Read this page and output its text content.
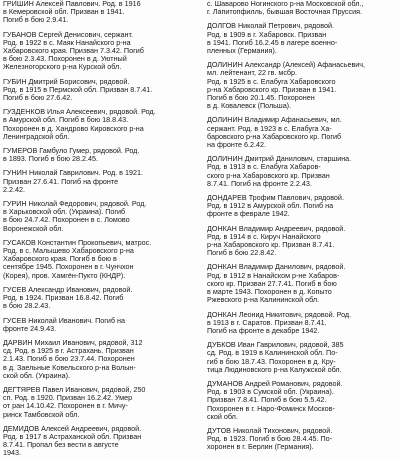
ГРИШИН Алексей Павлович. Род. в 1916
в Кемеровской обл. Призван в 1941.
Погиб в бою 2.9.41.
ГУБАНОВ Сергей Денисович, сержант.
Род. в 1922 в с. Маяк Нанайского р-на
Хабаровского края. Призван 7.3.42. Погиб
в бою 2.3.43. Похоронен в д. Уютный
Железногорского р-на Курской обл.
ГУБИН Дмитрий Борисович, рядовой.
Род. в 1915 в Пермской обл. Призван 8.7.41.
Погиб в бою 27.6.42.
ГУЗДЕНКОВ Илья Алексеевич, рядовой. Род.
в Амурской обл. Погиб в бою 18.8.43.
Похоронен в д. Хандрово Кировского р-на
Ленинградской обл.
ГУМЕРОВ Гамбуло Гумер, рядовой. Род.
в 1893. Погиб в бою 28.2.45.
ГУНИН Николай Гаврилович. Род. в 1921.
Призван 27.6.41. Погиб на фронте
2.2.42.
ГУРИН Николай Федорович, рядовой. Род.
в Харьковской обл. (Украина). Погиб
в бою 24.7.42. Похоронен в с. Ломово
Воронежской обл.
ГУСАКОВ Константин Прокопьевич, матрос.
Род. в с. Малышево Хабаровского р-на
Хабаровского края. Погиб в бою в
сентябре 1945. Похоронен в г. Чунчхон
(Корея), пров. Хамгён-Пукто (КНДР).
ГУСЕВ Александр Иванович, рядовой.
Род. в 1924. Призван 16.8.42. Погиб
в бою 28.2.43.
ГУСЕВ Николай Иванович. Погиб на
фронте 24.9.43.
ДАРВИН Михаил Иванович, рядовой, 312
сд. Род. в 1925 в г. Астрахань. Призван
2.1.43. Погиб в бою 23.7.44. Похоронен
в д. Заельные Ковельского р-на Волын-
ской обл. (Украина).
ДЕГТЯРЕВ Павел Иванович, рядовой, 250
сп. Род. в 1920. Призван 16.2.42. Умер
от ран 14.10.42. Похоронен в г. Мичу-
ринск Тамбовской обл.
ДЕМИДОВ Алексей Андреевич, рядовой.
Род. в 1917 в Астраханской обл. Призван
8.7.41. Пропал без вести в августе
1943.
с. Шаварово Ногинского р-на Московской обл.,
г. Лапитопфилль, бывшая Восточная Пруссия.
ДОЛГОВ Николай Петрович, рядовой.
Род. в 1909 в г. Хабаровск. Призван
в 1941. Погиб 16.2.45 в лагере военно-
пленных (Германия).
ДОЛИНИН Александр (Алексей) Афанасьевич,
мл. лейтенант, 22 гв. мсбр.
Род. в 1925 в с. Елабуга Хабаровского
р-на Хабаровского кр. Призван в 1941.
Погиб в бою 20.1.45. Похоронен
в д. Ковалевск (Польша).
ДОЛИНИН Владимир Афанасьевич, мл.
сержант. Род. в 1923 в с. Елабуга Ха-
баровского р-на Хабаровского кр. Погиб
на фронте 6.2.42.
ДОЛИНИН Дмитрий Данилович, старшина.
Род. в 1913 в с. Елабуга Хабаров-
ского р-на Хабаровского кр. Призван
8.7.41. Погиб на фронте 2.2.43.
ДОНДАРЕВ Трофим Павлович, рядовой.
Род. в 1912 в Амурской обл. Погиб на
фронте в феврале 1942.
ДОНКАН Владимир Андреевич, рядовой.
Род. в 1914 в с. Кируч Нанайского
р-на Хабаровского кр. Призван 8.7.41.
Погиб в бою 22.8.42.
ДОНКАН Владимир Данилович, рядовой.
Род. в 1912 в Нанайском р-не Хабаров-
ского кр. Призван 27.7.41. Погиб в бою
в марте 1943. Похоронен в д. Копыто
Ржевского р-на Калининской обл.
ДОНКАН Леонид Никитович, рядовой. Род.
в 1913 в г. Саратов. Призван 8.7.41.
Погиб на фронте в декабре 1942.
ДУБКОВ Иван Гаврилович, рядовой, 385
сд. Род. в 1919 в Калининской обл. По-
гиб в бою 18.7.43. Похоронен в д. Кру-
тица Людиновского р-на Калужской обл.
ДУМАНОВ Андрей Романович, рядовой.
Род. в 1903 в Сумской обл. (Украина).
Призван 7.8.41. Погиб в бою 5.5.42.
Похоронен в г. Наро-Фоминск Москов-
ской обл.
ДУТОВ Николай Тихонович, рядовой.
Род. в 1923. Погиб в бою 28.4.45. По-
хоронен в г. Берлин (Германия).
